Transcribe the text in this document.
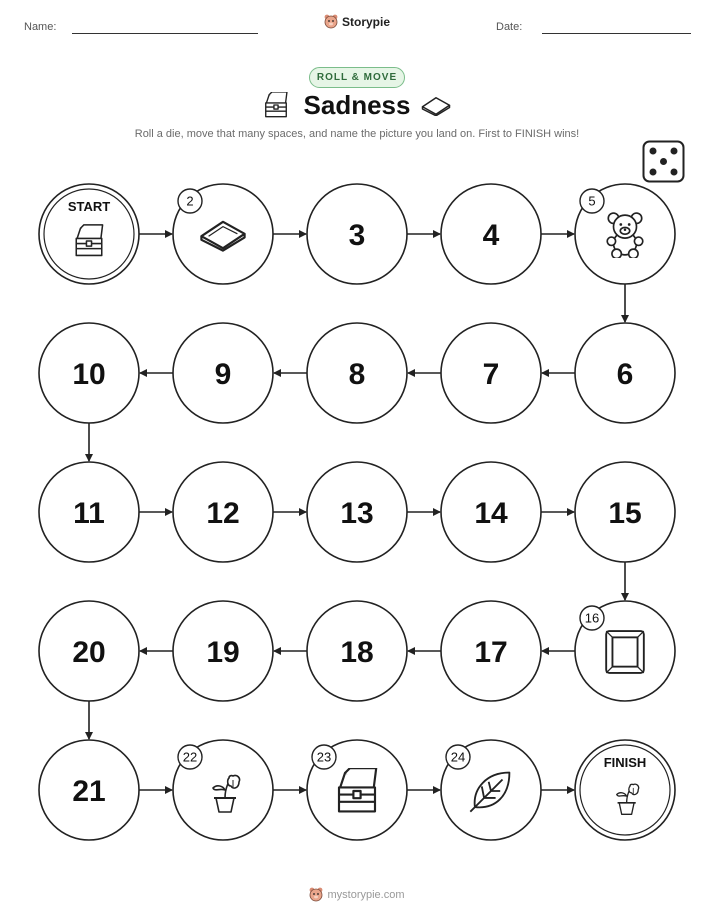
Name:	Storypie	Date:
ROLL & MOVE
Sadness
Roll a die, move that many spaces, and name the picture you land on. First to FINISH wins!
START	2
3	4
5
6
7
8
9
10
11	12	13	14	15
16
17
18
19
20
21
22	23	24	FINISH
mystorypie.com
